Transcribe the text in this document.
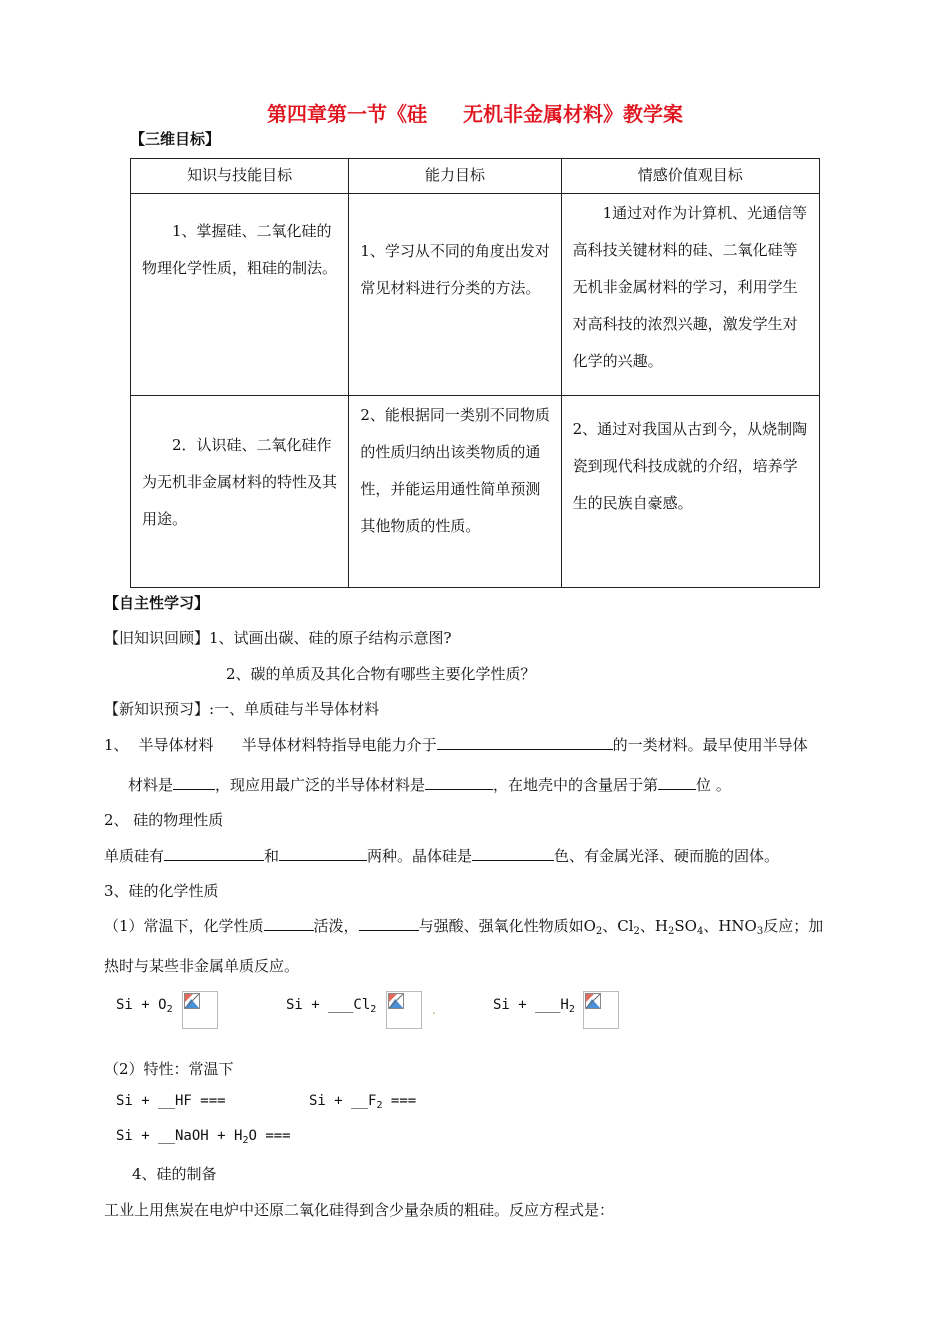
第四章第一节《硅 无机非金属材料》教学案
【三维目标】
知识与技能目标	能力目标	情感价值观目标

1、掌握硅、二氧化硅的物理化学性质，粗硅的制法。	1、学习从不同的角度出发对常见材料进行分类的方法。	1通过对作为计算机、光通信等高科技关键材料的硅、二氧化硅等无机非金属材料的学习，利用学生对高科技的浓烈兴趣，激发学生对化学的兴趣。

2．认识硅、二氧化硅作为无机非金属材料的特性及其用途。	2、能根据同一类别不同物质的性质归纳出该类物质的通性，并能运用通性简单预测其他物质的性质。	2、通过对我国从古到今，从烧制陶瓷到现代科技成就的介绍，培养学生的民族自豪感。
【自主性学习】
【旧知识回顾】1、试画出碳、硅的原子结构示意图?
2、碳的单质及其化合物有哪些主要化学性质？
【新知识预习】:一、单质硅与半导体材料
1、 半导体材料 半导体材料特指导电能力介于	的一类材料。最早使用半导体
材料是	，现应用最广泛的半导体材料是	，在地壳中的含量居于第	位 。
2、 硅的物理性质
单质硅有	和	两种。晶体硅是	色、有金属光泽、硬而脆的固体。
3、硅的化学性质
（1）常温下，化学性质	活泼，	与强酸、强氧化性物质如$O_2$、$Cl_2$、$H_2SO_4$、$HNO_3$反应；加
热时与某些非金属单质反应。
$Si + O_2$	$Si + \_\_\_Cl_2$	.	$Si + \_\_\_H_2$
（2）特性：常温下
Si + __HF ===	$Si + \_\_F_2$ ===
Si + __NaOH + $H_2O$ ===
4、硅的制备
工业上用焦炭在电炉中还原二氧化硅得到含少量杂质的粗硅。反应方程式是：
